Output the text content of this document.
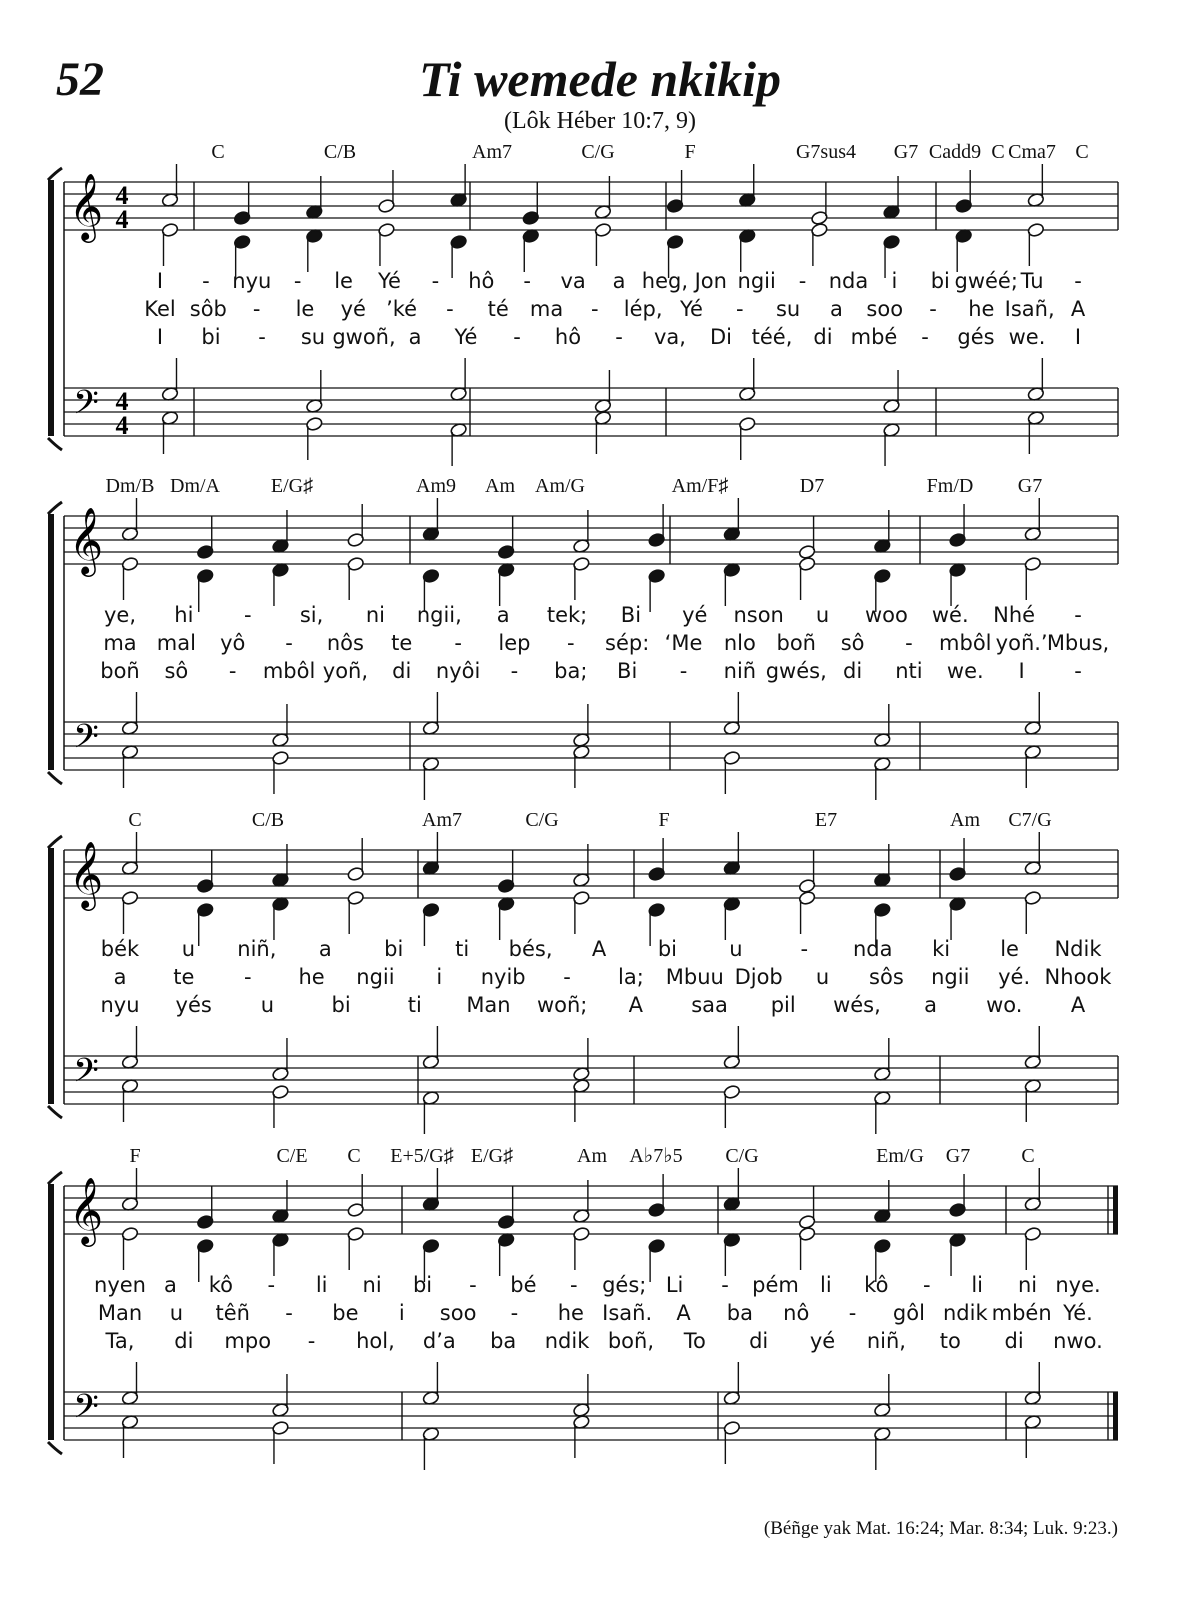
52	Ti wemede nkikip
(Lôk Héber 10:7, 9)
𝄞
𝄢
4
4
4
4
C	C/B	Am7	C/G	F	G7sus4 G7 Cadd9 C Cma7 C
I - nyu - le Yé - hô - va a heg, Jon ngii - nda i bi gwéé; Tu -
Kel sôb - le yé ’ké - té ma - lép, Yé - su a soo - he Isañ, A
I bi - su gwoñ, a Yé - hô - va, Di téé, di mbé - gés we. I
𝄞
𝄢
Dm/B Dm/A	E/G♯	Am9 Am Am/G	Am/F♯	D7	Fm/D G7
ye, hi - si, ni ngii, a tek; Bi yé nson u woo wé. Nhé -
ma mal yô - nôs te - lep - sép: ‘Me nlo boñ sô - mbôl yoñ.’ Mbus,
boñ sô - mbôl yoñ, di nyôi - ba; Bi - niñ gwés, di nti we. I -
𝄞
𝄢
C	C/B	Am7	C/G	F	E7	Am C7/G
bék u niñ, a bi ti bés, A bi u	- nda ki le Ndik
a te - he ngii i nyib - la; Mbuu Djob u sôs ngii yé. Nhook
nyu yés u	bi	ti Man woñ; A saa pil wés, a wo. A
𝄞
𝄢
F	C/E C E+5/G♯ E/G♯	Am A♭7♭5 C/G	Em/G G7	C
nyen a kô - li ni bi - bé - gés; Li - pém li kô - li ni nye.
Man u têñ - be i soo - he Isañ. A ba nô - gôl ndik mbén Yé.
Ta, di mpo - hol, d’a ba ndik boñ, To di yé niñ, to di nwo.
(Béñge yak Mat. 16:24; Mar. 8:34; Luk. 9:23.)
